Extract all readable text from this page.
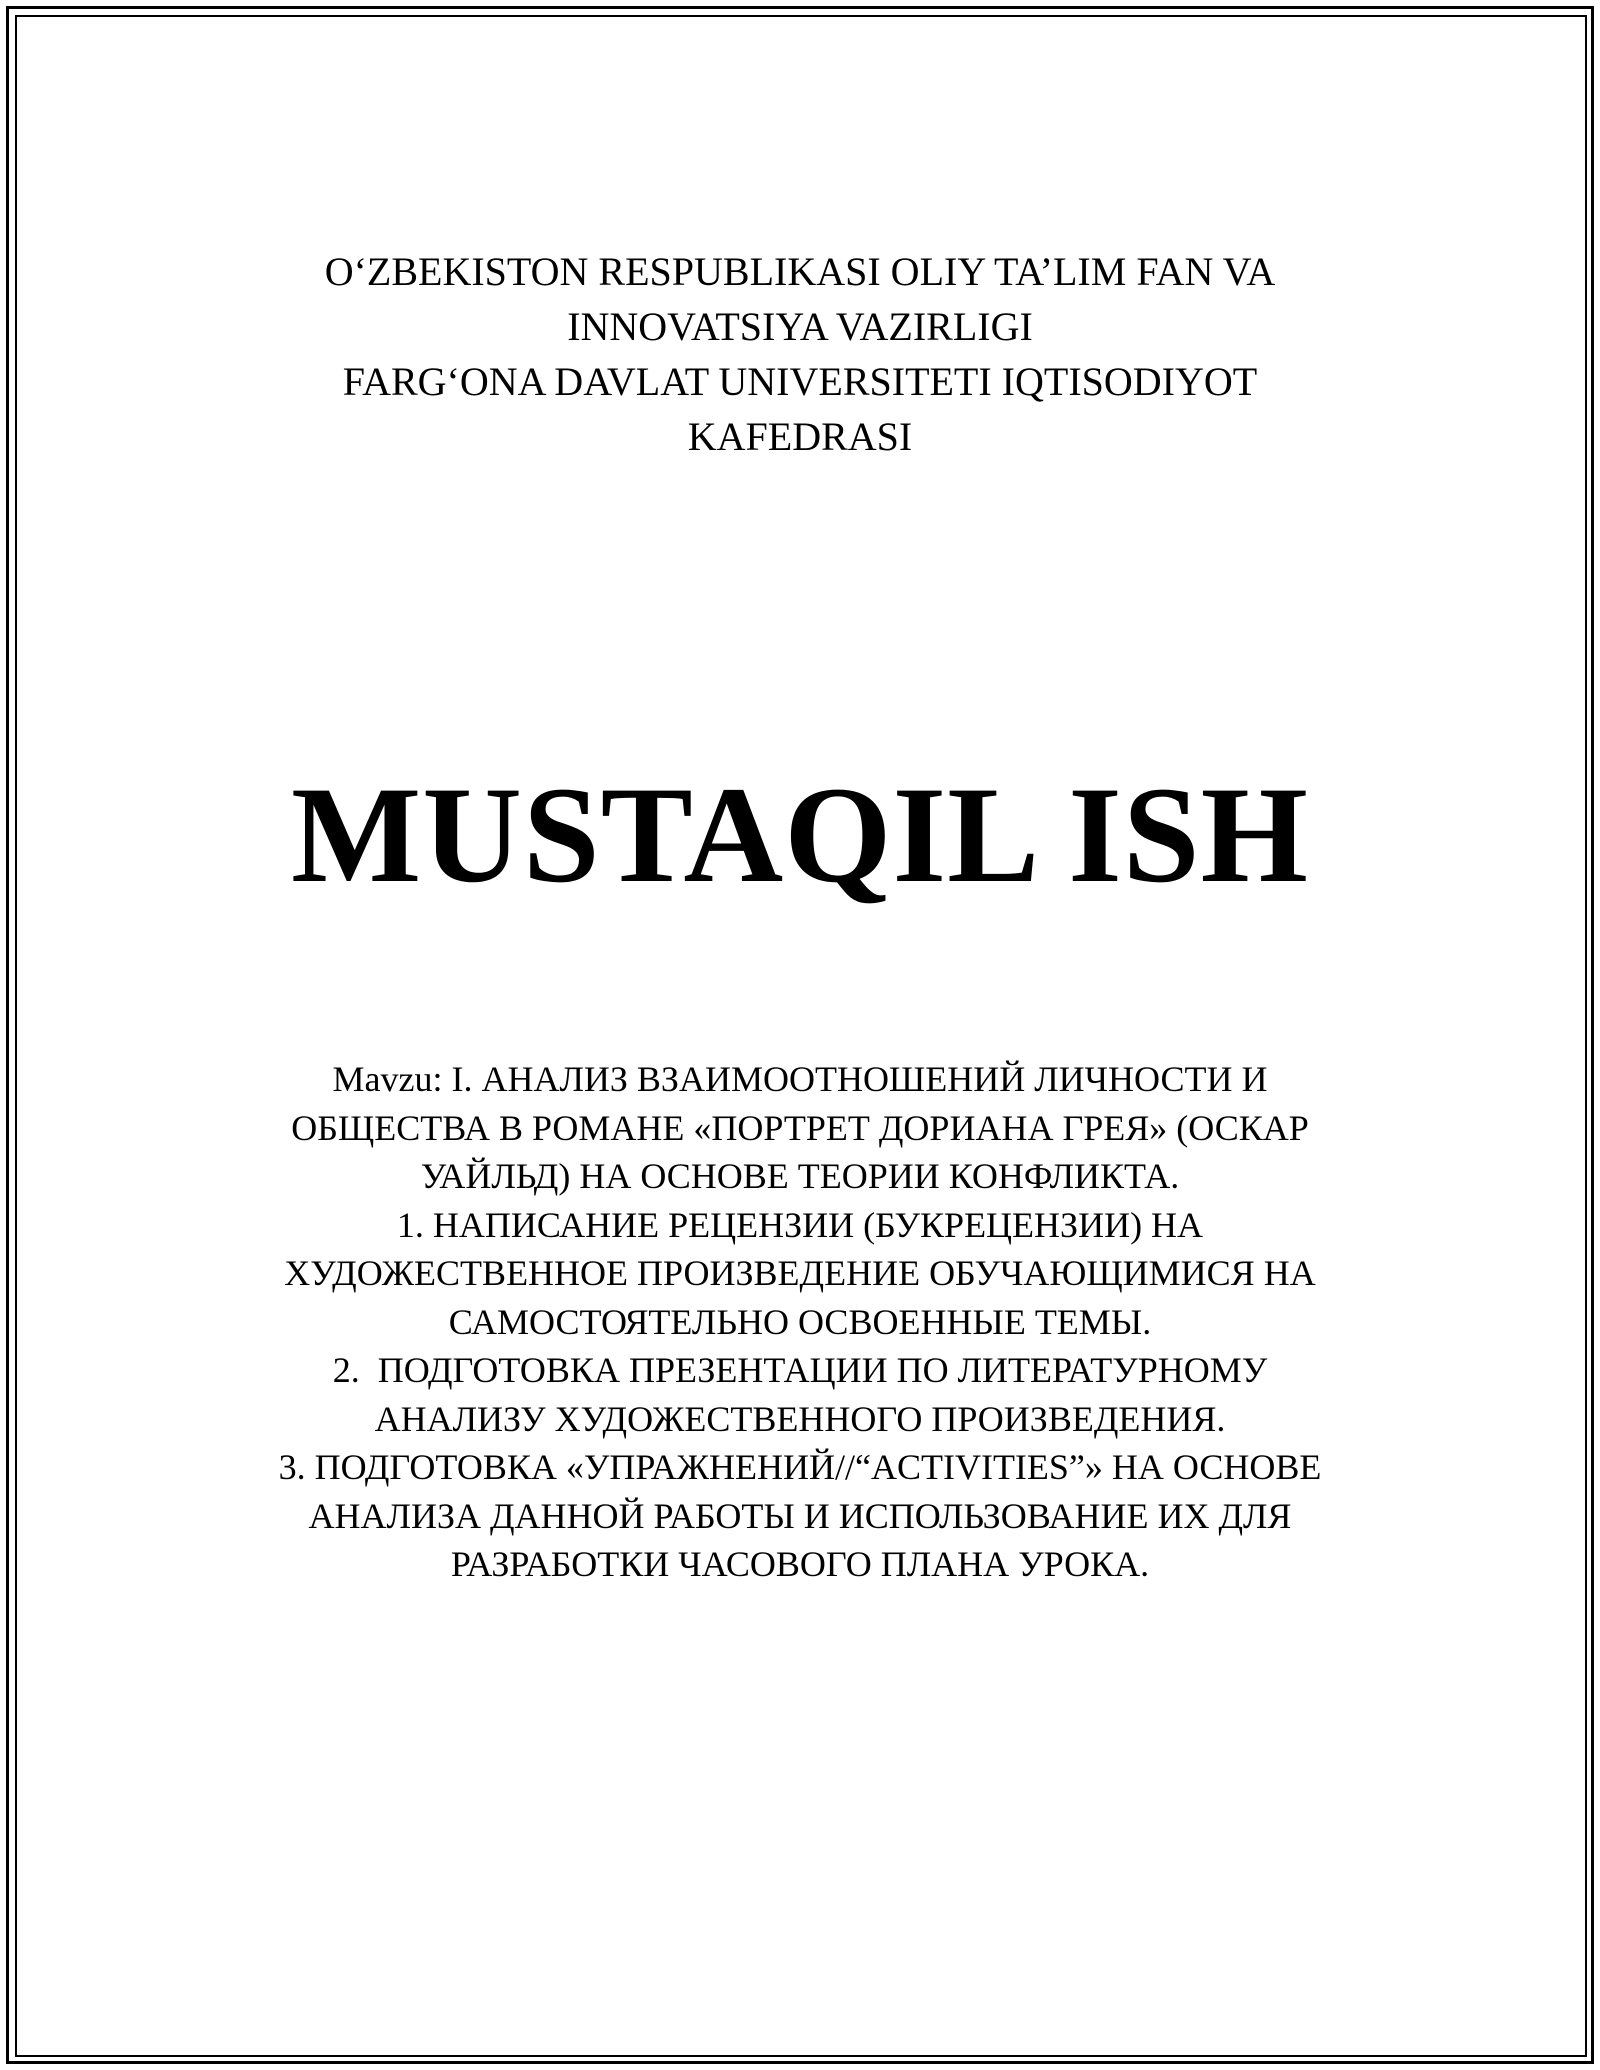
O‘ZBEKISTON RESPUBLIKASI OLIY TA’LIM FAN VA
INNOVATSIYA VAZIRLIGI
FARG‘ONA DAVLAT UNIVERSITETI IQTISODIYOT
KAFEDRASI
MUSTAQIL ISH
Mavzu: I. АНАЛИЗ ВЗАИМООТНОШЕНИЙ ЛИЧНОСТИ И
ОБЩЕСТВА В РОМАНЕ «ПОРТРЕТ ДОРИАНА ГРЕЯ» (ОСКАР
УАЙЛЬД) НА ОСНОВЕ ТЕОРИИ КОНФЛИКТА.
1. НАПИСАНИЕ РЕЦЕНЗИИ (БУКРЕЦЕНЗИИ) НА
ХУДОЖЕСТВЕННОЕ ПРОИЗВЕДЕНИЕ ОБУЧАЮЩИМИСЯ НА
САМОСТОЯТЕЛЬНО ОСВОЕННЫЕ ТЕМЫ.
2.  ПОДГОТОВКА ПРЕЗЕНТАЦИИ ПО ЛИТЕРАТУРНОМУ
АНАЛИЗУ ХУДОЖЕСТВЕННОГО ПРОИЗВЕДЕНИЯ.
3. ПОДГОТОВКА «УПРАЖНЕНИЙ//“ACTIVITIES”» НА ОСНОВЕ
АНАЛИЗА ДАННОЙ РАБОТЫ И ИСПОЛЬЗОВАНИЕ ИХ ДЛЯ
РАЗРАБОТКИ ЧАСОВОГО ПЛАНА УРОКА.
